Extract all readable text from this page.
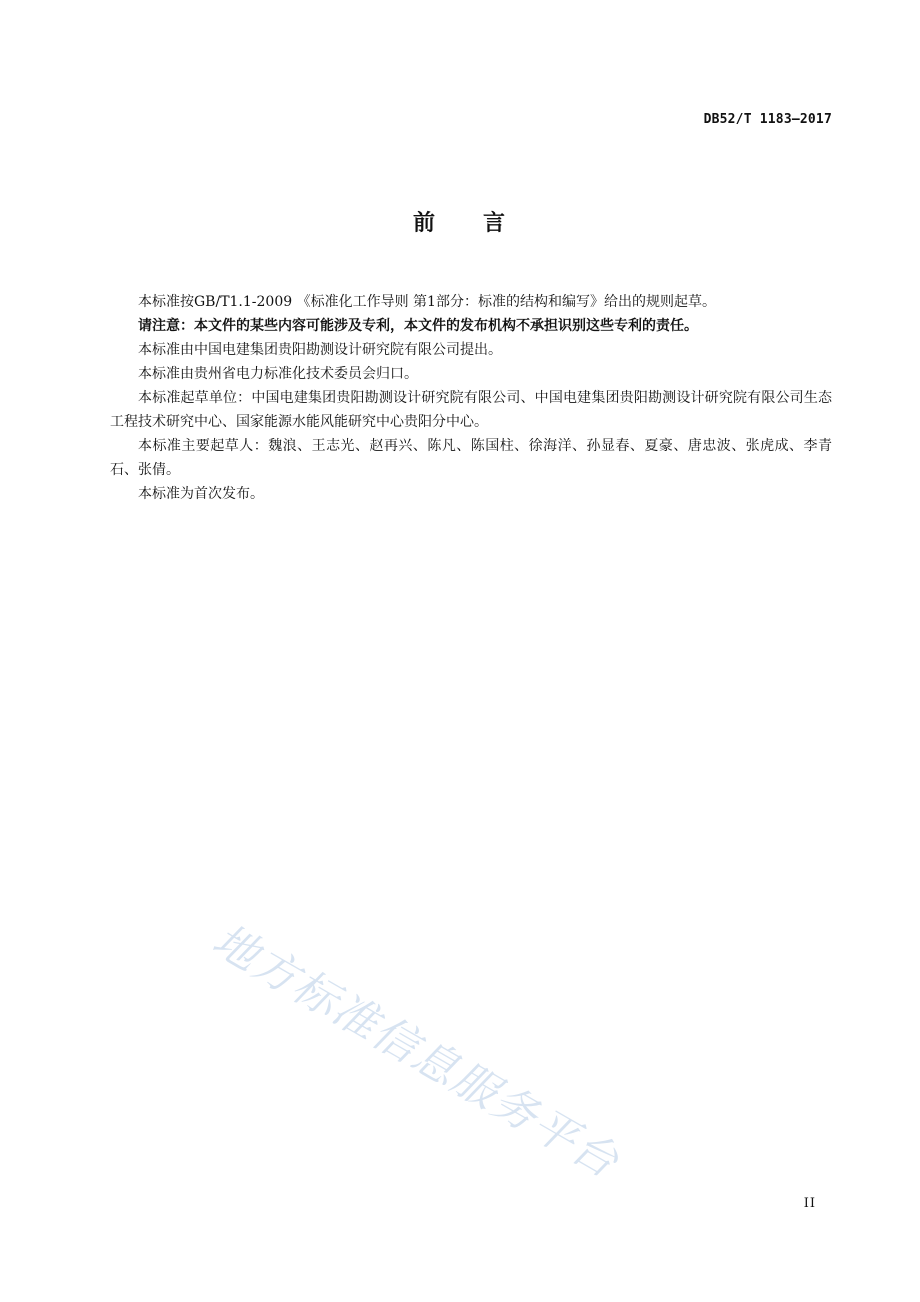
DB52/T 1183—2017
前 言

本标准按GB/T1.1-2009 《标准化工作导则 第1部分：标准的结构和编写》给出的规则起草。

请注意：本文件的某些内容可能涉及专利，本文件的发布机构不承担识别这些专利的责任。

本标准由中国电建集团贵阳勘测设计研究院有限公司提出。

本标准由贵州省电力标准化技术委员会归口。

本标准起草单位：中国电建集团贵阳勘测设计研究院有限公司、中国电建集团贵阳勘测设计研究院有限公司生态工程技术研究中心、国家能源水能风能研究中心贵阳分中心。

本标准主要起草人：魏浪、王志光、赵再兴、陈凡、陈国柱、徐海洋、孙显春、夏豪、唐忠波、张虎成、李青石、张倩。

本标准为首次发布。

地方标准信息服务平台
II
